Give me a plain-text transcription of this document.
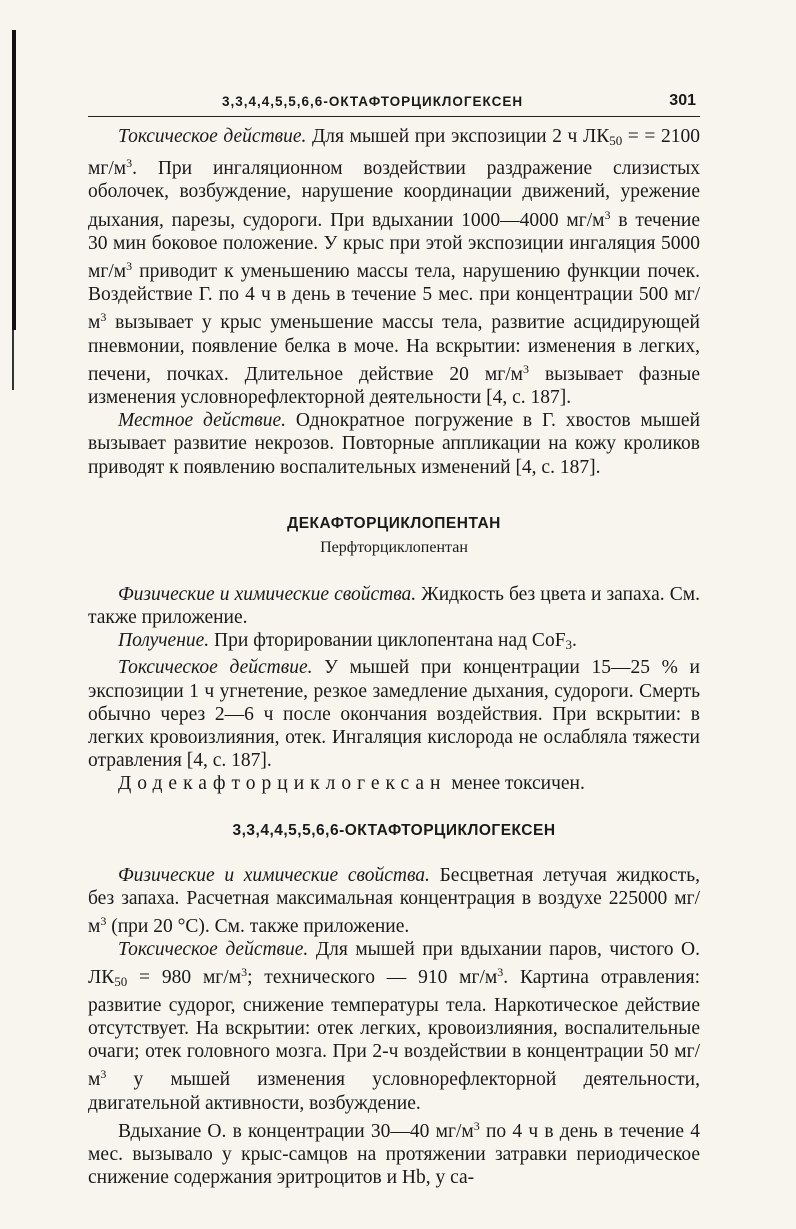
3,3,4,4,5,5,6,6-ОКТАФТОРЦИКЛОГЕКСЕН	301

Токсическое действие. Для мышей при экспозиции 2 ч $ЛК_{50}$ = = 2100 $мг/м^3$. При ингаляционном воздействии раздражение слизистых оболочек, возбуждение, нарушение координации движений, урежение дыхания, парезы, судороги. При вдыхании 1000—4000 $мг/м^3$ в течение 30 мин боковое положение. У крыс при этой экспозиции ингаляция 5000 $мг/м^3$ приводит к уменьшению массы тела, нарушению функции почек. Воздействие Г. по 4 ч в день в течение 5 мес. при концентрации 500 $мг/м^3$ вызывает у крыс уменьшение массы тела, развитие асцидирующей пневмонии, появление белка в моче. На вскрытии: изменения в легких, печени, почках. Длительное действие 20 $мг/м^3$ вызывает фазные изменения условнорефлекторной деятельности [4, с. 187].

Местное действие. Однократное погружение в Г. хвостов мышей вызывает развитие некрозов. Повторные аппликации на кожу кроликов приводят к появлению воспалительных изменений [4, с. 187].

ДЕКАФТОРЦИКЛОПЕНТАН
Перфторциклопентан

Физические и химические свойства. Жидкость без цвета и запаха. См. также приложение.

Получение. При фторировании циклопентана над CoF$_3$.

Токсическое действие. У мышей при концентрации 15—25 % и экспозиции 1 ч угнетение, резкое замедление дыхания, судороги. Смерть обычно через 2—6 ч после окончания воздействия. При вскрытии: в легких кровоизлияния, отек. Ингаляция кислорода не ослабляла тяжести отравления [4, с. 187].

Додекафторциклогексан менее токсичен.

3,3,4,4,5,5,6,6-ОКТАФТОРЦИКЛОГЕКСЕН

Физические и химические свойства. Бесцветная летучая жидкость, без запаха. Расчетная максимальная концентрация в воздухе 225000 $мг/м^3$ (при 20 °С). См. также приложение.

Токсическое действие. Для мышей при вдыхании паров, чистого О. $ЛК_{50} = 980$ $мг/м^3$; технического — 910 $мг/м^3$. Картина отравления: развитие судорог, снижение температуры тела. Наркотическое действие отсутствует. На вскрытии: отек легких, кровоизлияния, воспалительные очаги; отек головного мозга. При 2-ч воздействии в концентрации 50 $мг/м^3$ у мышей изменения условнорефлекторной деятельности, двигательной активности, возбуждение.

Вдыхание О. в концентрации 30—40 $мг/м^3$ по 4 ч в день в течение 4 мес. вызывало у крыс-самцов на протяжении затравки периодическое снижение содержания эритроцитов и Hb, у са-
